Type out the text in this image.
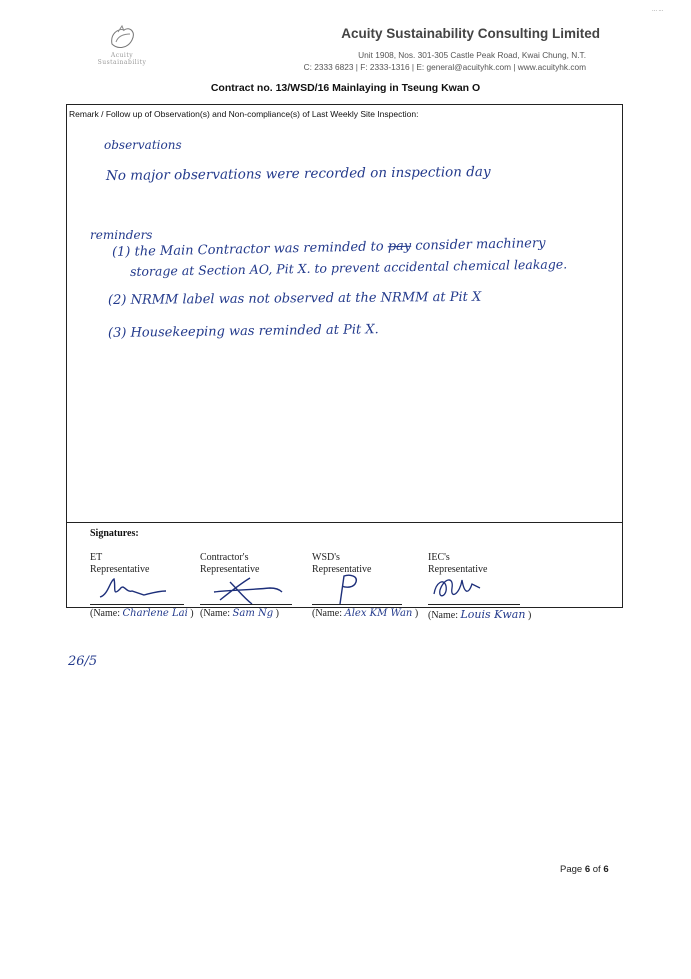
Acuity
Sustainability
··· ···
Acuity Sustainability Consulting Limited
Unit 1908, Nos. 301-305 Castle Peak Road, Kwai Chung, N.T.
C: 2333 6823 | F: 2333-1316 | E: general@acuityhk.com | www.acuityhk.com
Contract no. 13/WSD/16 Mainlaying in Tseung Kwan O
Remark / Follow up of Observation(s) and Non-compliance(s) of Last Weekly Site Inspection:
observations
No major observations were recorded on inspection day
reminders
(1) the Main Contractor was reminded to pay consider machinery
storage at Section AO, Pit X. to prevent accidental chemical leakage.
(2) NRMM label was not observed at the NRMM at Pit X
(3) Housekeeping was reminded at Pit X.
Signatures:
ET
Representative
(Name: Charlene Lai )
Contractor's
Representative
(Name: Sam Ng )
WSD's
Representative
(Name: Alex KM Wan )
IEC's
Representative
(Name: Louis Kwan )
26/5
Page 6 of 6
